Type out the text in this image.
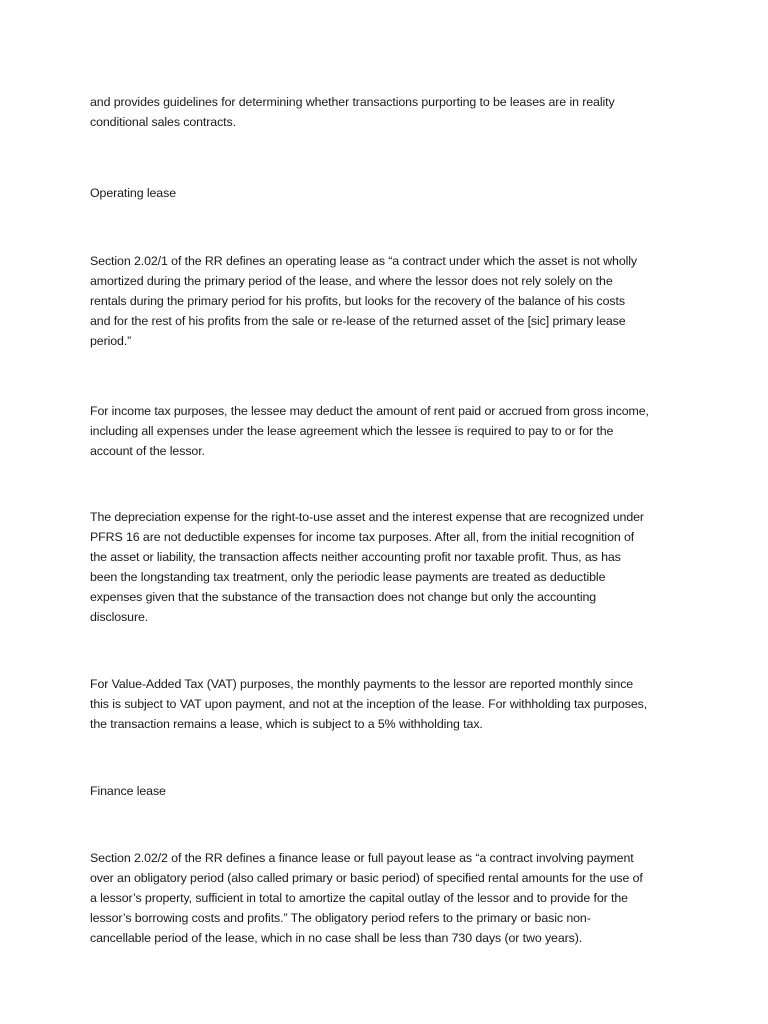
and provides guidelines for determining whether transactions purporting to be leases are in reality
conditional sales contracts.

Operating lease

Section 2.02/1 of the RR defines an operating lease as “a contract under which the asset is not wholly
amortized during the primary period of the lease, and where the lessor does not rely solely on the
rentals during the primary period for his profits, but looks for the recovery of the balance of his costs
and for the rest of his profits from the sale or re-lease of the returned asset of the [sic] primary lease
period.”

For income tax purposes, the lessee may deduct the amount of rent paid or accrued from gross income,
including all expenses under the lease agreement which the lessee is required to pay to or for the
account of the lessor.

The depreciation expense for the right-to-use asset and the interest expense that are recognized under
PFRS 16 are not deductible expenses for income tax purposes. After all, from the initial recognition of
the asset or liability, the transaction affects neither accounting profit nor taxable profit. Thus, as has
been the longstanding tax treatment, only the periodic lease payments are treated as deductible
expenses given that the substance of the transaction does not change but only the accounting
disclosure.

For Value-Added Tax (VAT) purposes, the monthly payments to the lessor are reported monthly since
this is subject to VAT upon payment, and not at the inception of the lease. For withholding tax purposes,
the transaction remains a lease, which is subject to a 5% withholding tax.

Finance lease

Section 2.02/2 of the RR defines a finance lease or full payout lease as “a contract involving payment
over an obligatory period (also called primary or basic period) of specified rental amounts for the use of
a lessor’s property, sufficient in total to amortize the capital outlay of the lessor and to provide for the
lessor’s borrowing costs and profits.” The obligatory period refers to the primary or basic non-
cancellable period of the lease, which in no case shall be less than 730 days (or two years).
